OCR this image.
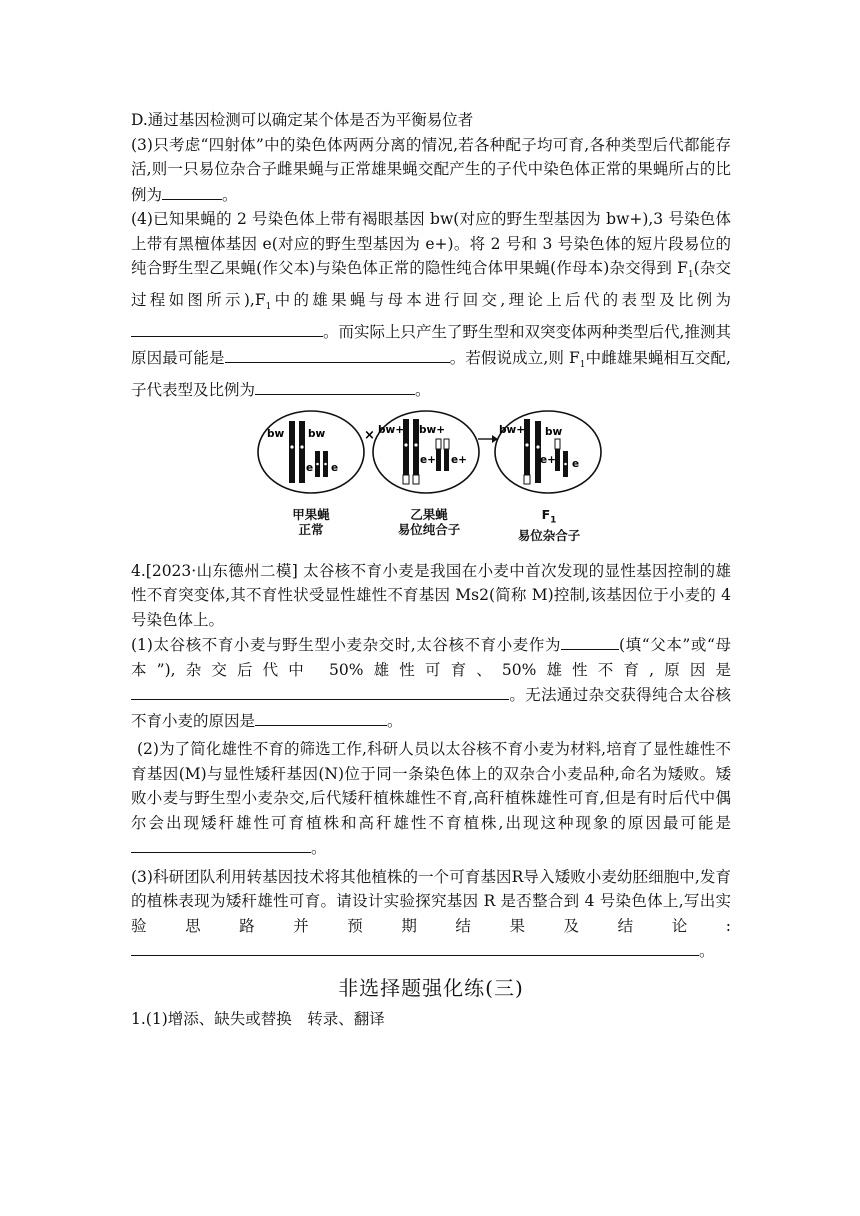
D.通过基因检测可以确定某个体是否为平衡易位者

(3)只考虑“四射体”中的染色体两两分离的情况,若各种配子均可育,各种类型后代都能存活,则一只易位杂合子雌果蝇与正常雄果蝇交配产生的子代中染色体正常的果蝇所占的比例为	。

(4)已知果蝇的 2 号染色体上带有褐眼基因 bw(对应的野生型基因为 bw+),3 号染色体上带有黑檀体基因 e(对应的野生型基因为 e+)。将 2 号和 3 号染色体的短片段易位的纯合野生型乙果蝇(作父本)与染色体正常的隐性纯合体甲果蝇(作母本)杂交得到 $F_1$(杂交过程如图所示)$,F_1$中的雄果蝇与母本进行回交,理论上后代的表型及比例为。而实际上只产生了野生型和双突变体两种类型后代,推测其原因最可能是	。若假说成立,则 $F_1$中雌雄果蝇相互交配,子代表型及比例为	。

bw bw
e e
× bw+ bw+
e+ e+
bw+ bw
e+ e
甲果蝇
正常
乙果蝇
易位纯合子
$F_1$
易位杂合子

4.[2023·山东德州二模] 太谷核不育小麦是我国在小麦中首次发现的显性基因控制的雄性不育突变体,其不育性状受显性雄性不育基因 Ms2(简称 M)控制,该基因位于小麦的 4 号染色体上。

(1)太谷核不育小麦与野生型小麦杂交时,太谷核不育小麦作为	(填“父本”或“母本”),杂交后代中 50%雄性可育、50%雄性不育,原因是。无法通过杂交获得纯合太谷核不育小麦的原因是	。

(2)为了简化雄性不育的筛选工作,科研人员以太谷核不育小麦为材料,培育了显性雄性不育基因(M)与显性矮秆基因(N)位于同一条染色体上的双杂合小麦品种,命名为矮败。矮败小麦与野生型小麦杂交,后代矮秆植株雄性不育,高秆植株雄性可育,但是有时后代中偶尔会出现矮秆雄性可育植株和高秆雄性不育植株,出现这种现象的原因最可能是。

(3)科研团队利用转基因技术将其他植株的一个可育基因R导入矮败小麦幼胚细胞中,发育的植株表现为矮秆雄性可育。请设计实验探究基因 R 是否整合到 4 号染色体上,写出实验思路并预期结果及结论:。

非选择题强化练(三)

1.(1)增添、缺失或替换　转录、翻译
